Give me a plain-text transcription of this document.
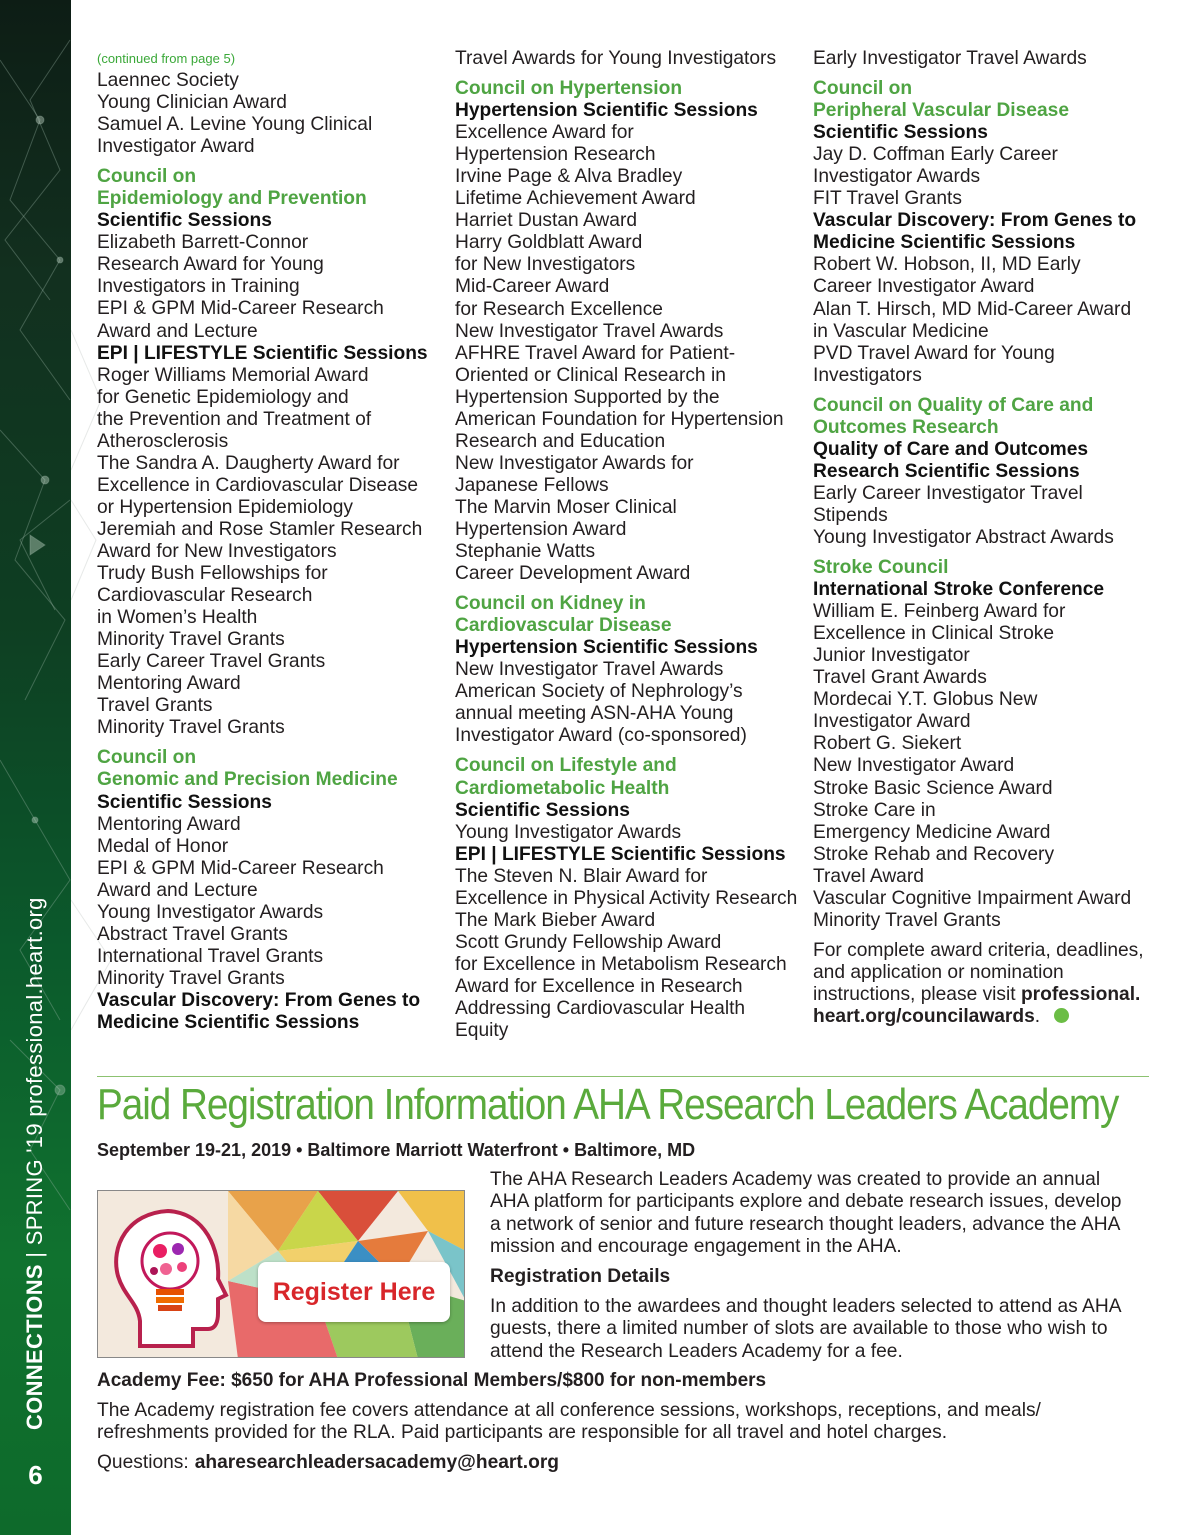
CONNECTIONS | SPRING '19 professional.heart.org
6
(continued from page 5)
Laennec Society
Young Clinician Award
Samuel A. Levine Young Clinical
Investigator Award
Council on
Epidemiology and Prevention
Scientific Sessions
Elizabeth Barrett-Connor
Research Award for Young
Investigators in Training
EPI & GPM Mid-Career Research
Award and Lecture
EPI | LIFESTYLE Scientific Sessions
Roger Williams Memorial Award
for Genetic Epidemiology and
the Prevention and Treatment of
Atherosclerosis
The Sandra A. Daugherty Award for
Excellence in Cardiovascular Disease
or Hypertension Epidemiology
Jeremiah and Rose Stamler Research
Award for New Investigators
Trudy Bush Fellowships for
Cardiovascular Research
in Women’s Health
Minority Travel Grants
Early Career Travel Grants
Mentoring Award
Travel Grants
Minority Travel Grants
Council on
Genomic and Precision Medicine
Scientific Sessions
Mentoring Award
Medal of Honor
EPI & GPM Mid-Career Research
Award and Lecture
Young Investigator Awards
Abstract Travel Grants
International Travel Grants
Minority Travel Grants
Vascular Discovery: From Genes to
Medicine Scientific Sessions
Travel Awards for Young Investigators
Council on Hypertension
Hypertension Scientific Sessions
Excellence Award for
Hypertension Research
Irvine Page & Alva Bradley
Lifetime Achievement Award
Harriet Dustan Award
Harry Goldblatt Award
for New Investigators
Mid-Career Award
for Research Excellence
New Investigator Travel Awards
AFHRE Travel Award for Patient-
Oriented or Clinical Research in
Hypertension Supported by the
American Foundation for Hypertension
Research and Education
New Investigator Awards for
Japanese Fellows
The Marvin Moser Clinical
Hypertension Award
Stephanie Watts
Career Development Award
Council on Kidney in
Cardiovascular Disease
Hypertension Scientific Sessions
New Investigator Travel Awards
American Society of Nephrology’s
annual meeting ASN-AHA Young
Investigator Award (co-sponsored)
Council on Lifestyle and
Cardiometabolic Health
Scientific Sessions
Young Investigator Awards
EPI | LIFESTYLE Scientific Sessions
The Steven N. Blair Award for
Excellence in Physical Activity Research
The Mark Bieber Award
Scott Grundy Fellowship Award
for Excellence in Metabolism Research
Award for Excellence in Research
Addressing Cardiovascular Health
Equity
Early Investigator Travel Awards
Council on
Peripheral Vascular Disease
Scientific Sessions
Jay D. Coffman Early Career
Investigator Awards
FIT Travel Grants
Vascular Discovery: From Genes to
Medicine Scientific Sessions
Robert W. Hobson, II, MD Early
Career Investigator Award
Alan T. Hirsch, MD Mid-Career Award
in Vascular Medicine
PVD Travel Award for Young
Investigators
Council on Quality of Care and
Outcomes Research
Quality of Care and Outcomes
Research Scientific Sessions
Early Career Investigator Travel
Stipends
Young Investigator Abstract Awards
Stroke Council
International Stroke Conference
William E. Feinberg Award for
Excellence in Clinical Stroke
Junior Investigator
Travel Grant Awards
Mordecai Y.T. Globus New
Investigator Award
Robert G. Siekert
New Investigator Award
Stroke Basic Science Award
Stroke Care in
Emergency Medicine Award
Stroke Rehab and Recovery
Travel Award
Vascular Cognitive Impairment Award
Minority Travel Grants
For complete award criteria, deadlines,
and application or nomination
instructions, please visit professional.
heart.org/councilawards.
Paid Registration Information AHA Research Leaders Academy
September 19-21, 2019 • Baltimore Marriott Waterfront • Baltimore, MD
Register Here
The AHA Research Leaders Academy was created to provide an annual
AHA platform for participants explore and debate research issues, develop
a network of senior and future research thought leaders, advance the AHA
mission and encourage engagement in the AHA.
Registration Details
In addition to the awardees and thought leaders selected to attend as AHA
guests, there a limited number of slots are available to those who wish to
attend the Research Leaders Academy for a fee.
Academy Fee: $650 for AHA Professional Members/$800 for non-members
The Academy registration fee covers attendance at all conference sessions, workshops, receptions, and meals/
refreshments provided for the RLA. Paid participants are responsible for all travel and hotel charges.
Questions: aharesearchleadersacademy@heart.org
